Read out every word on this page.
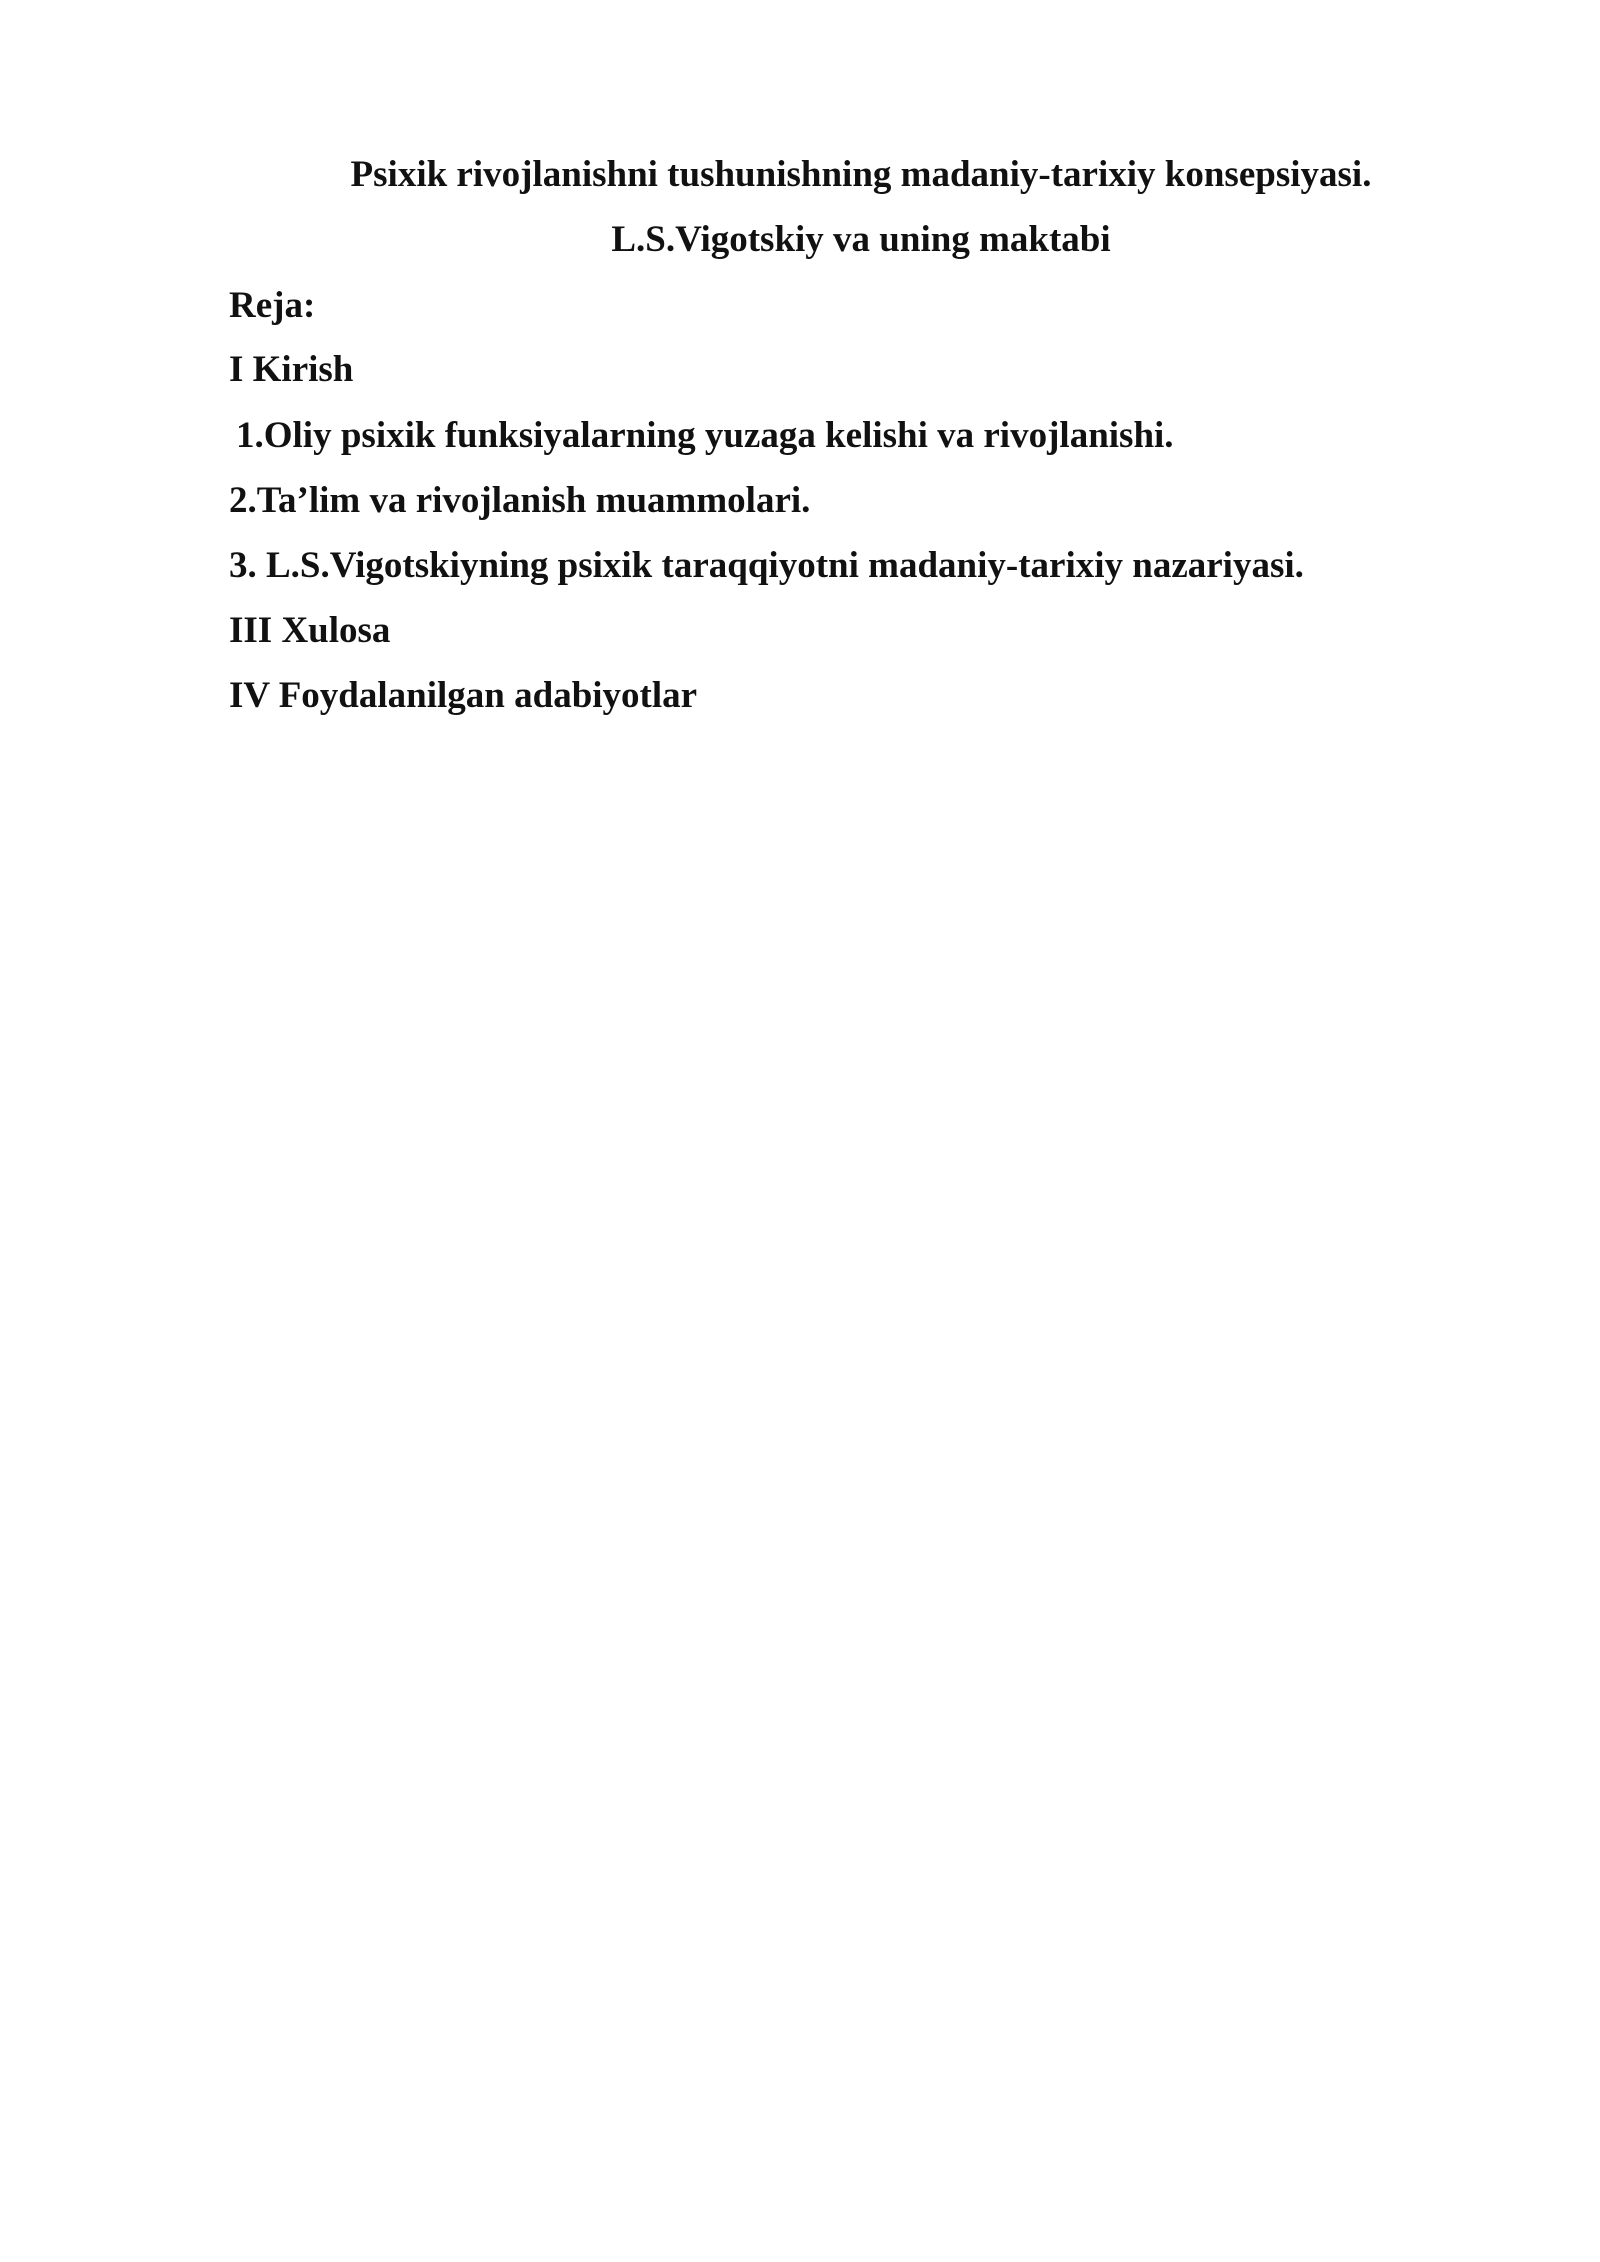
Psixik rivojlanishni tushunishning madaniy-tarixiy konsepsiyasi.
L.S.Vigotskiy va uning maktabi
Reja:
I Kirish
1.Oliy psixik funksiyalarning yuzaga kelishi va rivojlanishi.
2.Ta’lim va rivojlanish muammolari.
3. L.S.Vigotskiyning psixik taraqqiyotni madaniy-tarixiy nazariyasi.
III Xulosa
IV Foydalanilgan adabiyotlar
